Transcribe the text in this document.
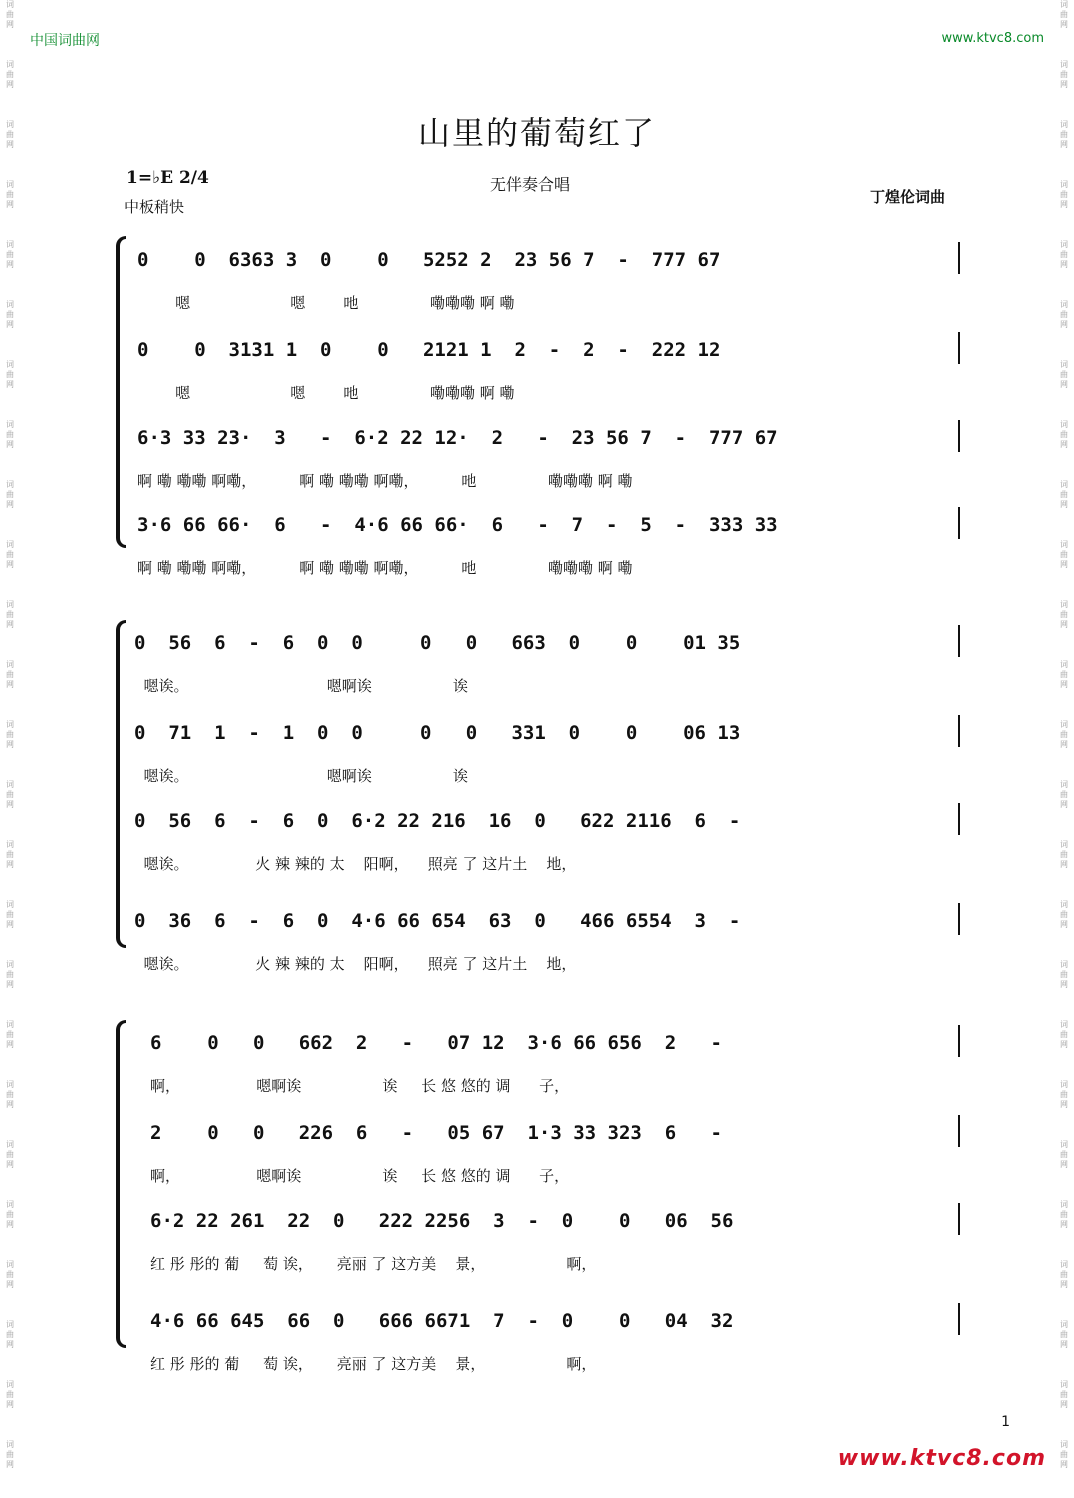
词
曲
网
词
曲
网
词
曲
网
词
曲
网
词
曲
网
词
曲
网
词
曲
网
词
曲
网
词
曲
网
词
曲
网
词
曲
网
词
曲
网
词
曲
网
词
曲
网
词
曲
网
词
曲
网
词
曲
网
词
曲
网
词
曲
网
词
曲
网
词
曲
网
词
曲
网
词
曲
网
词
曲
网
词
曲
网
词
曲
网
词
曲
网
词
曲
网
词
曲
网
词
曲
网
词
曲
网
词
曲
网
词
曲
网
词
曲
网
词
曲
网
词
曲
网
词
曲
网
词
曲
网
词
曲
网
词
曲
网
词
曲
网
词
曲
网
词
曲
网
词
曲
网
词
曲
网
词
曲
网
词
曲
网
词
曲
网
词
曲
网
词
曲
网
中国词曲网	www.ktvc8.com
山里的葡萄红了
1=♭E 2/4
中板稍快
无伴奏合唱
丁煌伦词曲
0    0  6363 3  0    0   5252 2  23 56 7  -  777 67
嗯                     嗯        吔               嘞嘞嘞 啊 嘞
0    0  3131 1  0    0   2121 1  2  -  2  -  222 12
嗯                     嗯        吔               嘞嘞嘞 啊 嘞
6·3 33 23·  3   -  6·2 22 12·  2   -  23 56 7  -  777 67
啊 嘞 嘞嘞 啊嘞，         啊 嘞 嘞嘞 啊嘞，         吔               嘞嘞嘞 啊 嘞
3·6 66 66·  6   -  4·6 66 66·  6   -  7  -  5  -  333 33
啊 嘞 嘞嘞 啊嘞，         啊 嘞 嘞嘞 啊嘞，         吔               嘞嘞嘞 啊 嘞
0  56  6  -  6  0  0     0   0   663  0    0    01 35
嗯诶。                             嗯啊诶                 诶
0  71  1  -  1  0  0     0   0   331  0    0    06 13
嗯诶。                             嗯啊诶                 诶
0  56  6  -  6  0  6·2 22 216  16  0   622 2116  6  -
嗯诶。              火 辣 辣的 太    阳啊，    照亮 了 这片土    地，
0  36  6  -  6  0  4·6 66 654  63  0   466 6554  3  -
嗯诶。              火 辣 辣的 太    阳啊，    照亮 了 这片土    地，
6    0   0   662  2   -   07 12  3·6 66 656  2   -
啊，                嗯啊诶                 诶     长 悠 悠的 调      子，
2    0   0   226  6   -   05 67  1·3 33 323  6   -
啊，                嗯啊诶                 诶     长 悠 悠的 调      子，
6·2 22 261  22  0   222 2256  3  -  0    0   06  56
红 彤 彤的 葡     萄 诶，     亮丽 了 这方美    景，                 啊，
4·6 66 645  66  0   666 6671  7  -  0    0   04  32
红 彤 彤的 葡     萄 诶，     亮丽 了 这方美    景，                 啊，
1
www.ktvc8.com
